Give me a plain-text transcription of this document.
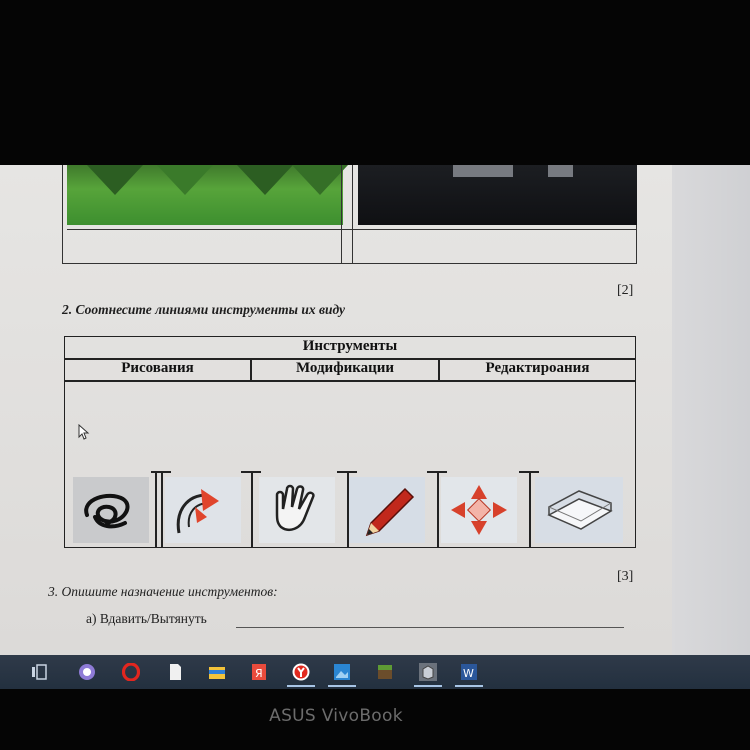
[2]
2. Соотнесите линиями инструменты их виду
Инструменты
Рисования	Модификации	Редактироания
[3]
3. Опишите назначение инструментов:
а) Вдавить/Вытянуть
Я	W
ASUS VivoBook
